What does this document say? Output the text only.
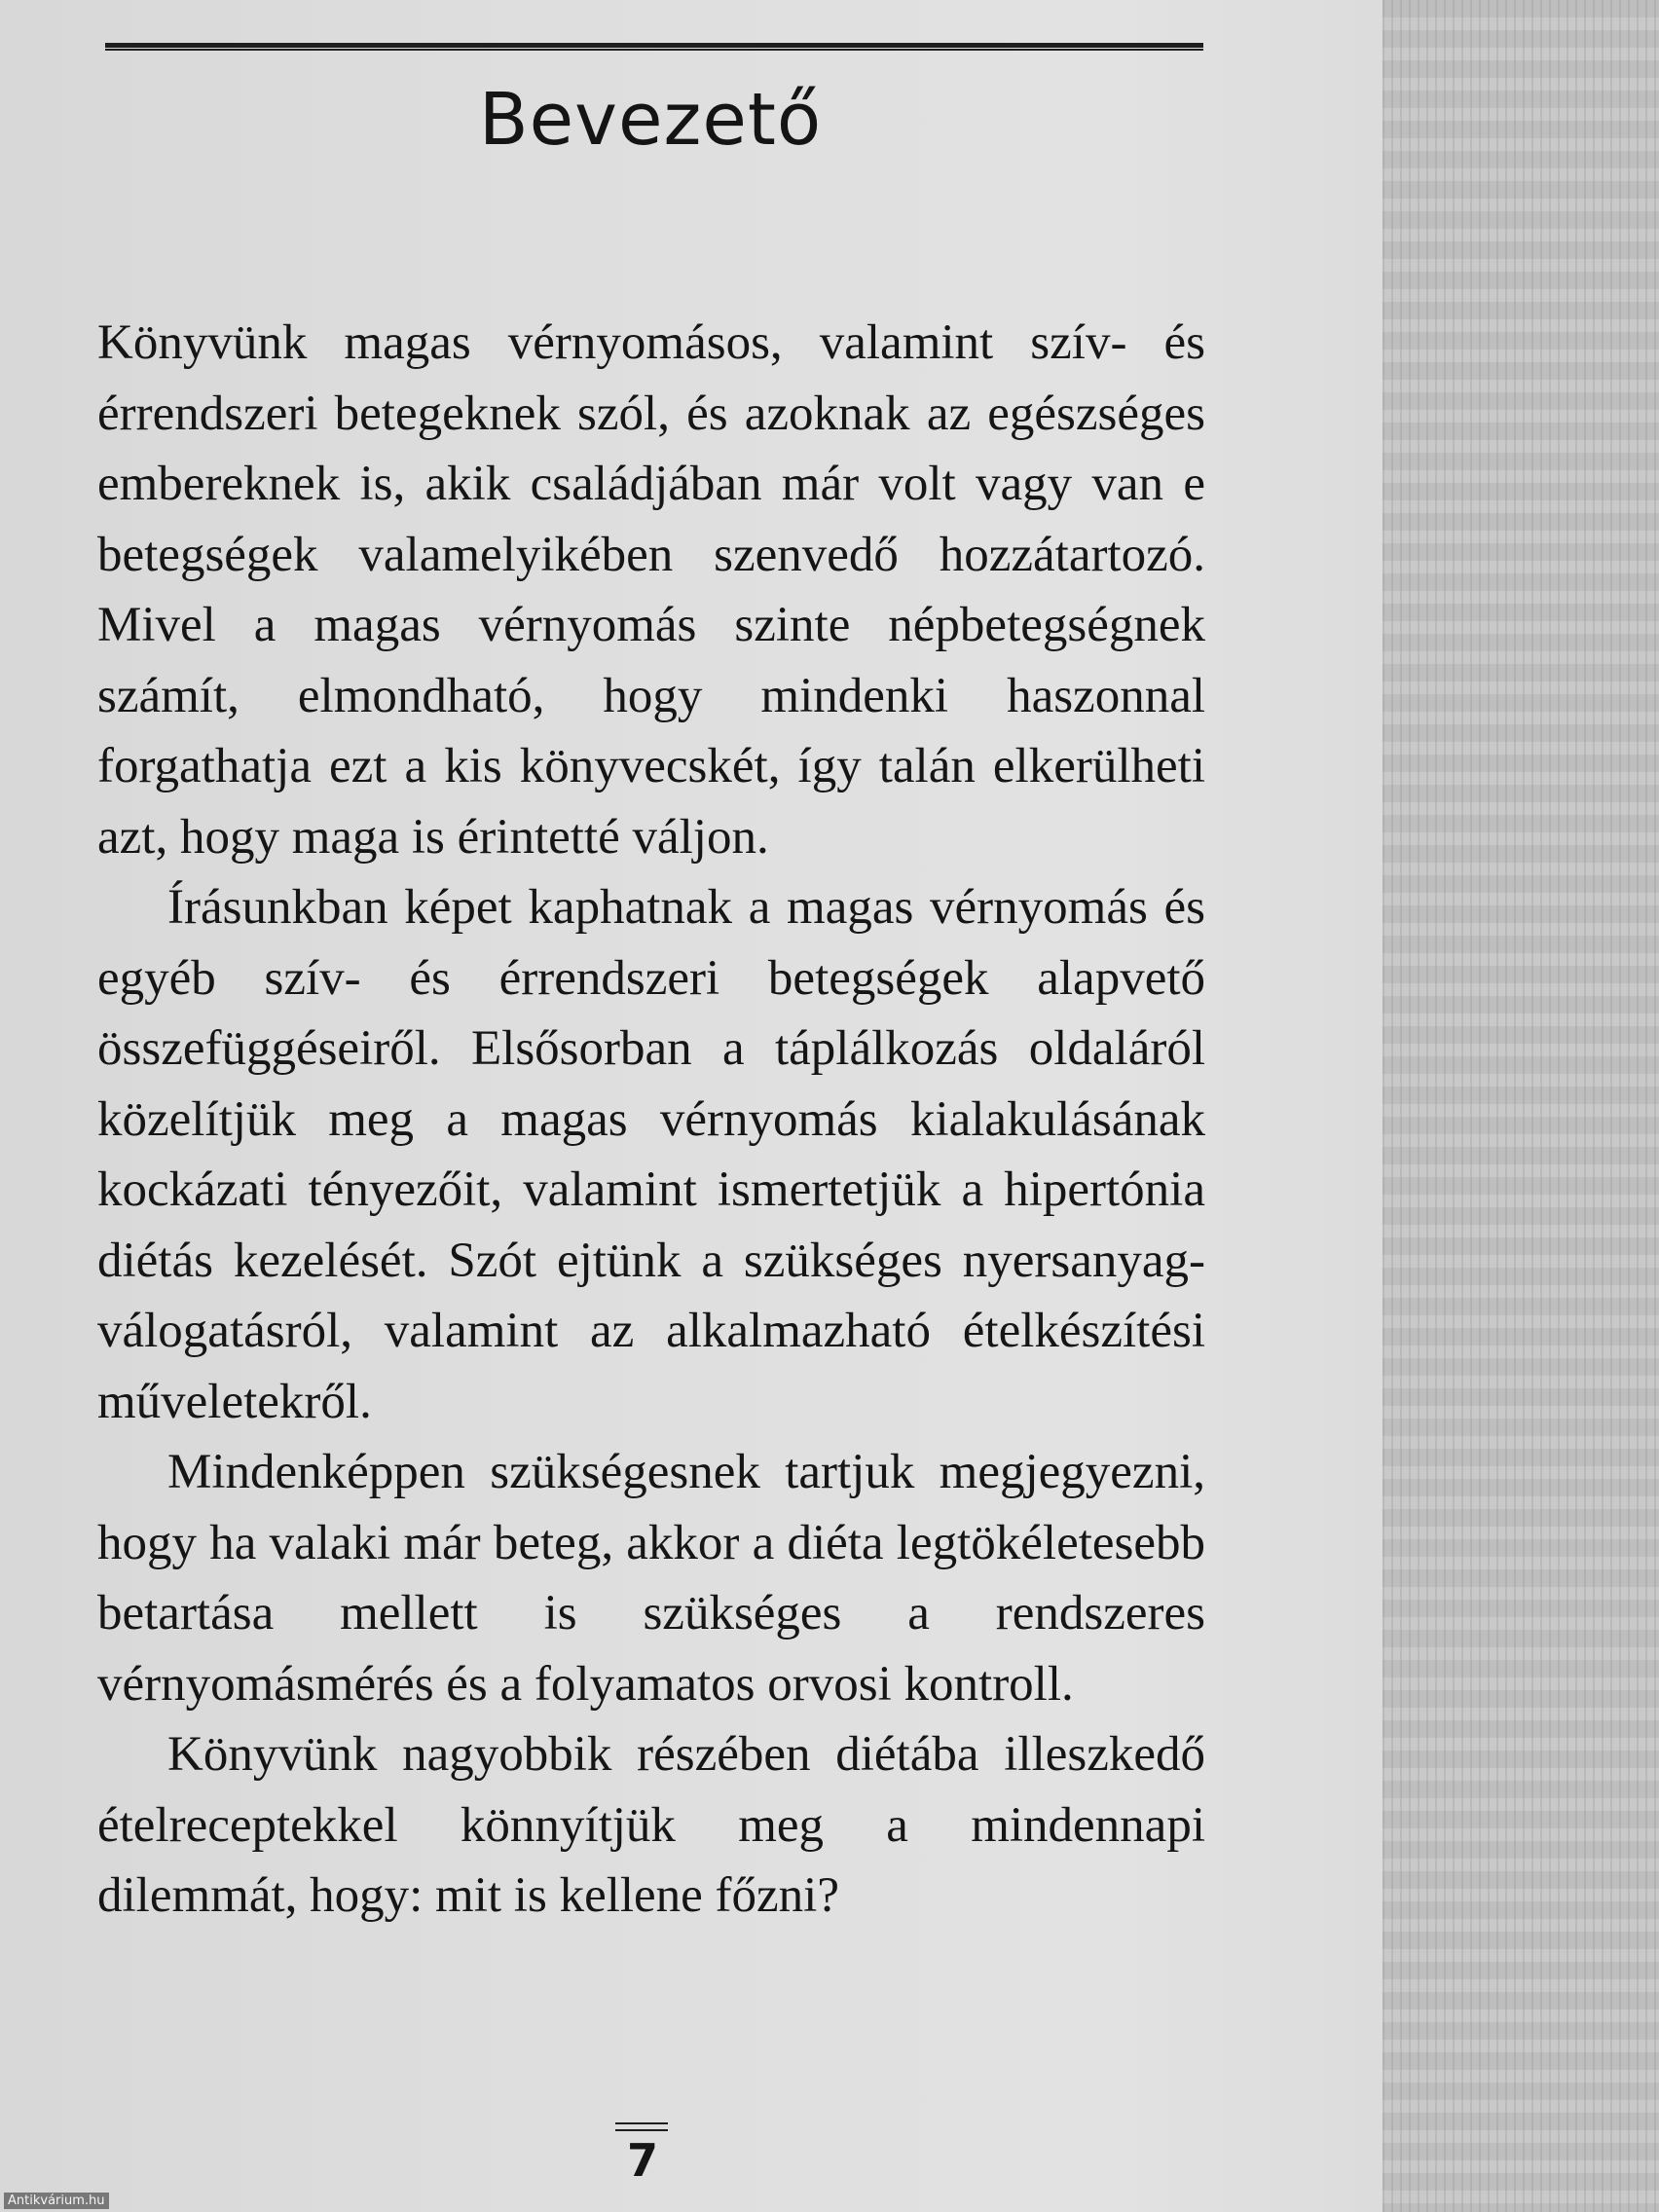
Bevezető

Könyvünk magas vérnyomásos, valamint szív- és érrendszeri betegeknek szól, és azoknak az egészséges embereknek is, akik családjában már volt vagy van e betegségek valamelyikében szenvedő hozzátartozó. Mivel a magas vérnyomás szinte népbetegségnek számít, elmondható, hogy mindenki haszonnal forgathatja ezt a kis könyvecskét, így talán elkerülheti azt, hogy maga is érintetté váljon.

Írásunkban képet kaphatnak a magas vérnyomás és egyéb szív- és érrendszeri betegségek alapvető összefüggéseiről. Elsősorban a táplálkozás oldaláról közelítjük meg a magas vérnyomás kialakulásának kockázati tényezőit, valamint ismertetjük a hipertónia diétás kezelését. Szót ejtünk a szükséges nyersanyag-válogatásról, valamint az alkalmazható ételkészítési műveletekről.

Mindenképpen szükségesnek tartjuk megjegyezni, hogy ha valaki már beteg, akkor a diéta legtökéletesebb betartása mellett is szükséges a rendszeres vérnyomásmérés és a folyamatos orvosi kontroll.

Könyvünk nagyobbik részében diétába illeszkedő ételreceptekkel könnyítjük meg a mindennapi dilemmát, hogy: mit is kellene főzni?

7
Antikvárium.hu
